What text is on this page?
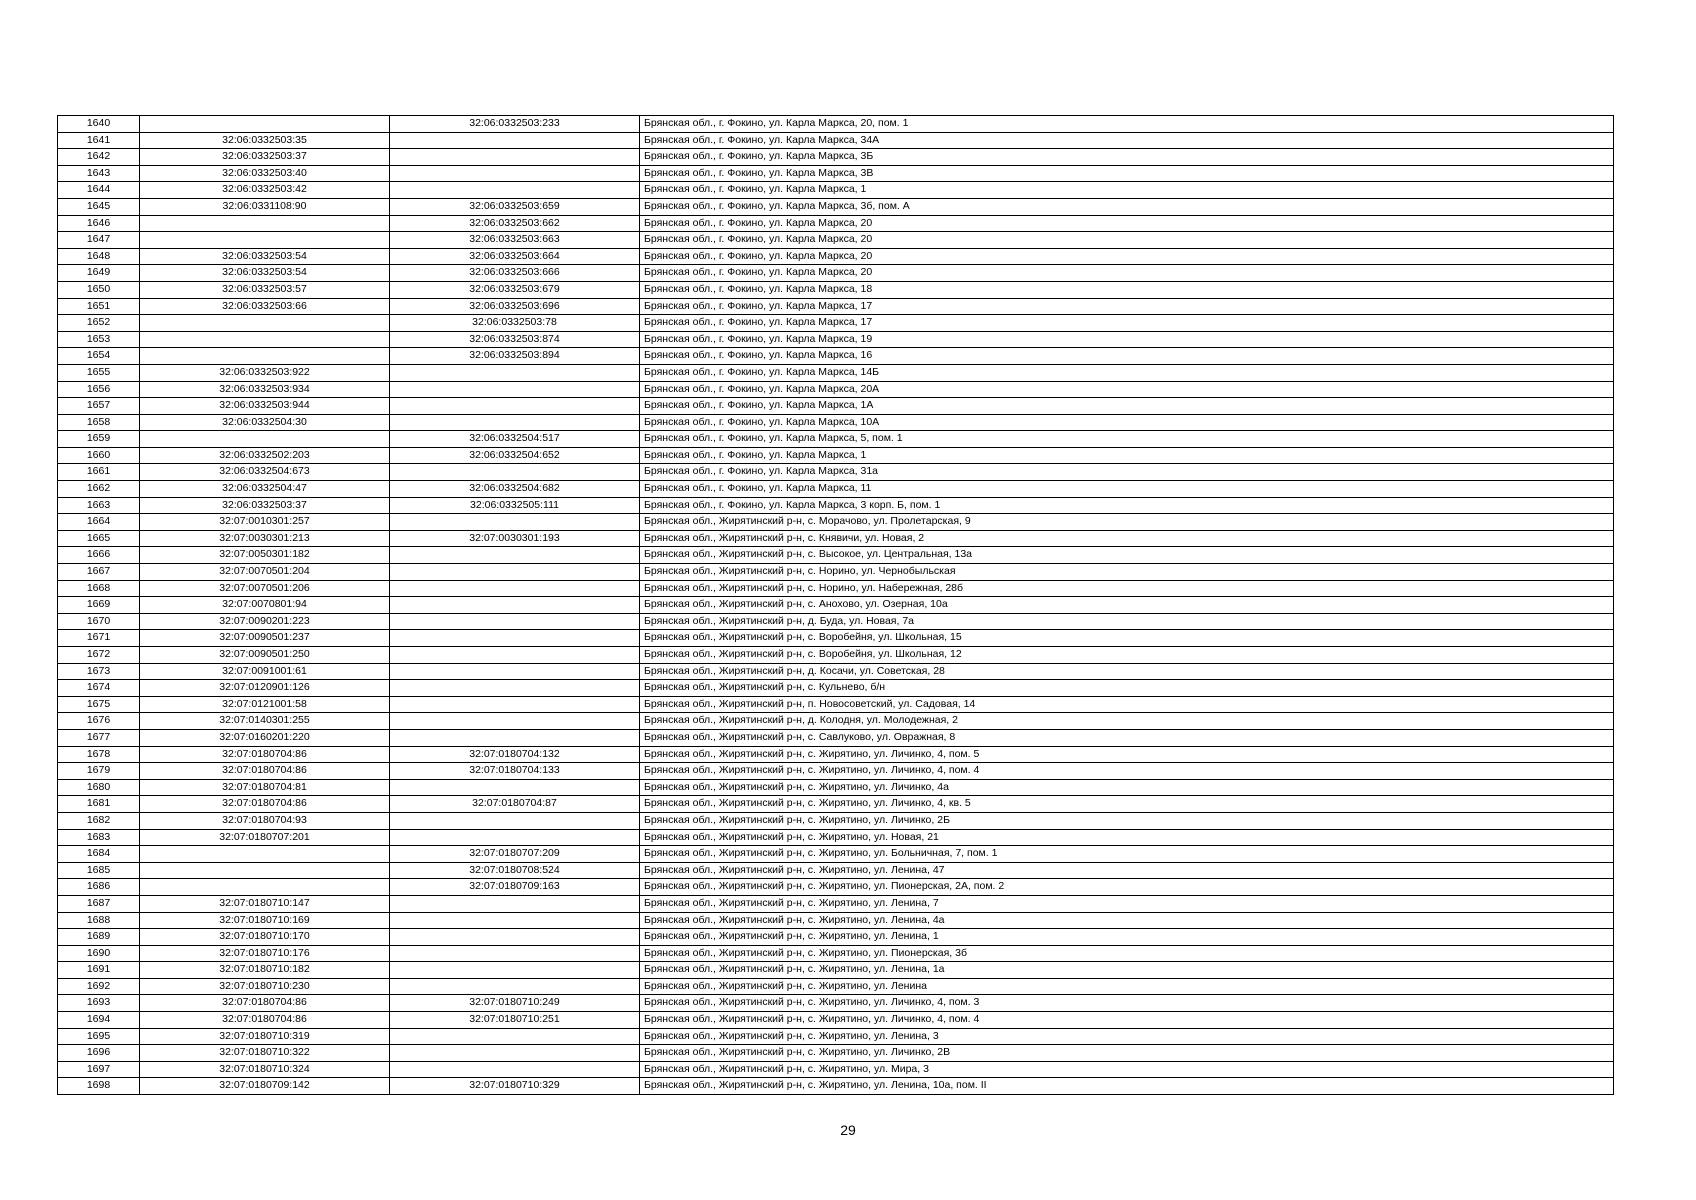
1640		32:06:0332503:233	Брянская обл., г. Фокино, ул. Карла Маркса, 20, пом. 1
1641	32:06:0332503:35		Брянская обл., г. Фокино, ул. Карла Маркса, 34А
1642	32:06:0332503:37		Брянская обл., г. Фокино, ул. Карла Маркса, 3Б
1643	32:06:0332503:40		Брянская обл., г. Фокино, ул. Карла Маркса, 3В
1644	32:06:0332503:42		Брянская обл., г. Фокино, ул. Карла Маркса, 1
1645	32:06:0331108:90	32:06:0332503:659	Брянская обл., г. Фокино, ул. Карла Маркса, 3б, пом. А
1646		32:06:0332503:662	Брянская обл., г. Фокино, ул. Карла Маркса, 20
1647		32:06:0332503:663	Брянская обл., г. Фокино, ул. Карла Маркса, 20
1648	32:06:0332503:54	32:06:0332503:664	Брянская обл., г. Фокино, ул. Карла Маркса, 20
1649	32:06:0332503:54	32:06:0332503:666	Брянская обл., г. Фокино, ул. Карла Маркса, 20
1650	32:06:0332503:57	32:06:0332503:679	Брянская обл., г. Фокино, ул. Карла Маркса, 18
1651	32:06:0332503:66	32:06:0332503:696	Брянская обл., г. Фокино, ул. Карла Маркса, 17
1652		32:06:0332503:78	Брянская обл., г. Фокино, ул. Карла Маркса, 17
1653		32:06:0332503:874	Брянская обл., г. Фокино, ул. Карла Маркса, 19
1654		32:06:0332503:894	Брянская обл., г. Фокино, ул. Карла Маркса, 16
1655	32:06:0332503:922		Брянская обл., г. Фокино, ул. Карла Маркса, 14Б
1656	32:06:0332503:934		Брянская обл., г. Фокино, ул. Карла Маркса, 20А
1657	32:06:0332503:944		Брянская обл., г. Фокино, ул. Карла Маркса, 1А
1658	32:06:0332504:30		Брянская обл., г. Фокино, ул. Карла Маркса, 10А
1659		32:06:0332504:517	Брянская обл., г. Фокино, ул. Карла Маркса, 5, пом. 1
1660	32:06:0332502:203	32:06:0332504:652	Брянская обл., г. Фокино, ул. Карла Маркса, 1
1661	32:06:0332504:673		Брянская обл., г. Фокино, ул. Карла Маркса, 31а
1662	32:06:0332504:47	32:06:0332504:682	Брянская обл., г. Фокино, ул. Карла Маркса, 11
1663	32:06:0332503:37	32:06:0332505:111	Брянская обл., г. Фокино, ул. Карла Маркса, 3 корп. Б, пом. 1
1664	32:07:0010301:257		Брянская обл., Жирятинский р-н, с. Морачово, ул. Пролетарская, 9
1665	32:07:0030301:213	32:07:0030301:193	Брянская обл., Жирятинский р-н, с. Княвичи, ул. Новая, 2
1666	32:07:0050301:182		Брянская обл., Жирятинский р-н, с. Высокое, ул. Центральная, 13а
1667	32:07:0070501:204		Брянская обл., Жирятинский р-н, с. Норино, ул. Чернобыльская
1668	32:07:0070501:206		Брянская обл., Жирятинский р-н, с. Норино, ул. Набережная, 28б
1669	32:07:0070801:94		Брянская обл., Жирятинский р-н, с. Анохово, ул. Озерная, 10а
1670	32:07:0090201:223		Брянская обл., Жирятинский р-н, д. Буда, ул. Новая, 7а
1671	32:07:0090501:237		Брянская обл., Жирятинский р-н, с. Воробейня, ул. Школьная, 15
1672	32:07:0090501:250		Брянская обл., Жирятинский р-н, с. Воробейня, ул. Школьная, 12
1673	32:07:0091001:61		Брянская обл., Жирятинский р-н, д. Косачи, ул. Советская, 28
1674	32:07:0120901:126		Брянская обл., Жирятинский р-н, с. Кульнево, б/н
1675	32:07:0121001:58		Брянская обл., Жирятинский р-н, п. Новосоветский, ул. Садовая, 14
1676	32:07:0140301:255		Брянская обл., Жирятинский р-н, д. Колодня, ул. Молодежная, 2
1677	32:07:0160201:220		Брянская обл., Жирятинский р-н, с. Савлуково, ул. Овражная, 8
1678	32:07:0180704:86	32:07:0180704:132	Брянская обл., Жирятинский р-н, с. Жирятино, ул. Личинко, 4, пом. 5
1679	32:07:0180704:86	32:07:0180704:133	Брянская обл., Жирятинский р-н, с. Жирятино, ул. Личинко, 4, пом. 4
1680	32:07:0180704:81		Брянская обл., Жирятинский р-н, с. Жирятино, ул. Личинко, 4а
1681	32:07:0180704:86	32:07:0180704:87	Брянская обл., Жирятинский р-н, с. Жирятино, ул. Личинко, 4, кв. 5
1682	32:07:0180704:93		Брянская обл., Жирятинский р-н, с. Жирятино, ул. Личинко, 2Б
1683	32:07:0180707:201		Брянская обл., Жирятинский р-н, с. Жирятино, ул. Новая, 21
1684		32:07:0180707:209	Брянская обл., Жирятинский р-н, с. Жирятино, ул. Больничная, 7, пом. 1
1685		32:07:0180708:524	Брянская обл., Жирятинский р-н, с. Жирятино, ул. Ленина, 47
1686		32:07:0180709:163	Брянская обл., Жирятинский р-н, с. Жирятино, ул. Пионерская, 2А, пом. 2
1687	32:07:0180710:147		Брянская обл., Жирятинский р-н, с. Жирятино, ул. Ленина, 7
1688	32:07:0180710:169		Брянская обл., Жирятинский р-н, с. Жирятино, ул. Ленина, 4а
1689	32:07:0180710:170		Брянская обл., Жирятинский р-н, с. Жирятино, ул. Ленина, 1
1690	32:07:0180710:176		Брянская обл., Жирятинский р-н, с. Жирятино, ул. Пионерская, 3б
1691	32:07:0180710:182		Брянская обл., Жирятинский р-н, с. Жирятино, ул. Ленина, 1а
1692	32:07:0180710:230		Брянская обл., Жирятинский р-н, с. Жирятино, ул. Ленина
1693	32:07:0180704:86	32:07:0180710:249	Брянская обл., Жирятинский р-н, с. Жирятино, ул. Личинко, 4, пом. 3
1694	32:07:0180704:86	32:07:0180710:251	Брянская обл., Жирятинский р-н, с. Жирятино, ул. Личинко, 4, пом. 4
1695	32:07:0180710:319		Брянская обл., Жирятинский р-н, с. Жирятино, ул. Ленина, 3
1696	32:07:0180710:322		Брянская обл., Жирятинский р-н, с. Жирятино, ул. Личинко, 2В
1697	32:07:0180710:324		Брянская обл., Жирятинский р-н, с. Жирятино, ул. Мира, 3
1698	32:07:0180709:142	32:07:0180710:329	Брянская обл., Жирятинский р-н, с. Жирятино, ул. Ленина, 10а, пом. II
29
